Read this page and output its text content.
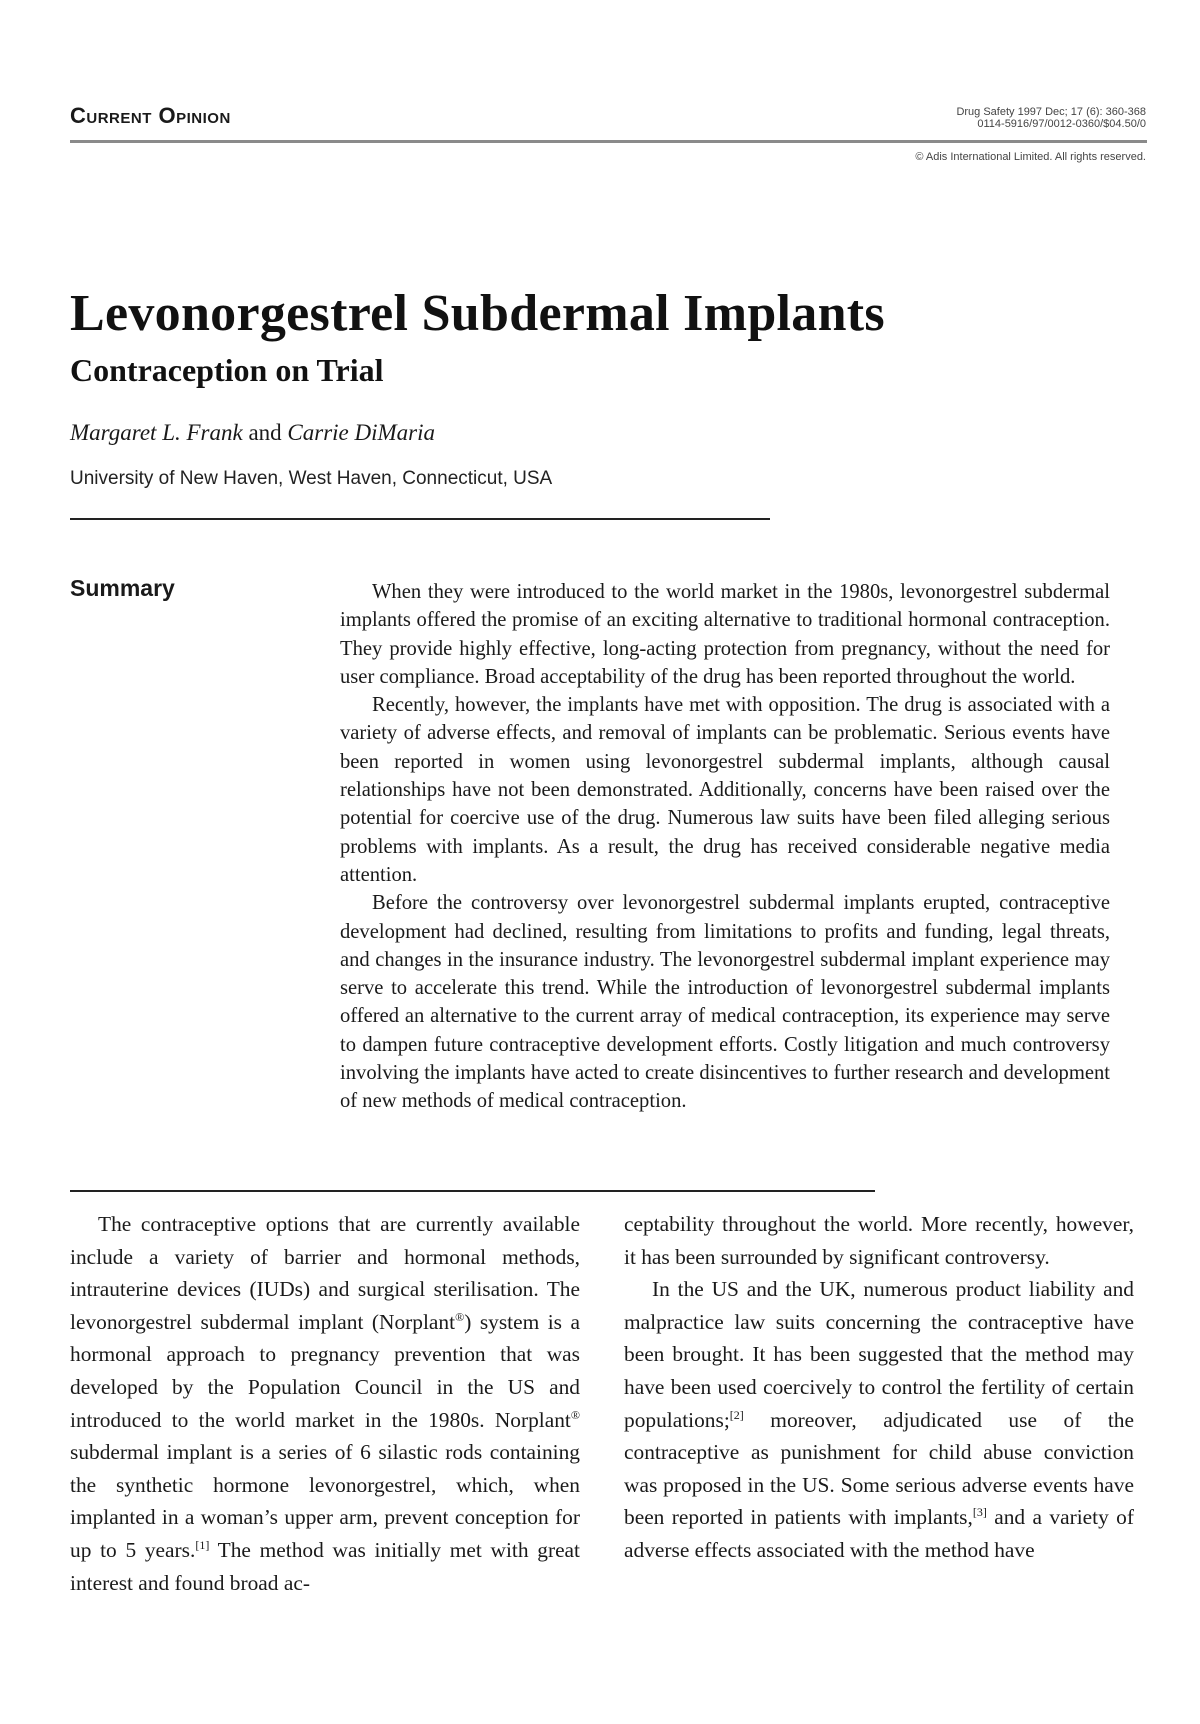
Current Opinion	Drug Safety 1997 Dec; 17 (6): 360-368
0114-5916/97/0012-0360/$04.50/0
© Adis International Limited. All rights reserved.
Levonorgestrel Subdermal Implants
Contraception on Trial
Margaret L. Frank and Carrie DiMaria
University of New Haven, West Haven, Connecticut, USA
Summary	When they were introduced to the world market in the 1980s, levonorgestrel subdermal implants offered the promise of an exciting alternative to traditional hormonal contraception. They provide highly effective, long-acting protection from pregnancy, without the need for user compliance. Broad acceptability of the drug has been reported throughout the world.

Recently, however, the implants have met with opposition. The drug is associated with a variety of adverse effects, and removal of implants can be problematic. Serious events have been reported in women using levonorgestrel subdermal implants, although causal relationships have not been demonstrated. Additionally, concerns have been raised over the potential for coercive use of the drug. Numerous law suits have been filed alleging serious problems with implants. As a result, the drug has received considerable negative media attention.

Before the controversy over levonorgestrel subdermal implants erupted, contraceptive development had declined, resulting from limitations to profits and funding, legal threats, and changes in the insurance industry. The levonorgestrel subdermal implant experience may serve to accelerate this trend. While the introduction of levonorgestrel subdermal implants offered an alternative to the current array of medical contraception, its experience may serve to dampen future contraceptive development efforts. Costly litigation and much controversy involving the implants have acted to create disincentives to further research and development of new methods of medical contraception.

The contraceptive options that are currently available include a variety of barrier and hormonal methods, intrauterine devices (IUDs) and surgical sterilisation. The levonorgestrel subdermal implant (Norplant®) system is a hormonal approach to pregnancy prevention that was developed by the Population Council in the US and introduced to the world market in the 1980s. Norplant® subdermal implant is a series of 6 silastic rods containing the synthetic hormone levonorgestrel, which, when implanted in a woman’s upper arm, prevent conception for up to 5 years.[1] The method was initially met with great interest and found broad ac-

ceptability throughout the world. More recently, however, it has been surrounded by significant controversy.

In the US and the UK, numerous product liability and malpractice law suits concerning the contraceptive have been brought. It has been suggested that the method may have been used coercively to control the fertility of certain populations;[2] moreover, adjudicated use of the contraceptive as punishment for child abuse conviction was proposed in the US. Some serious adverse events have been reported in patients with implants,[3] and a variety of adverse effects associated with the method have
